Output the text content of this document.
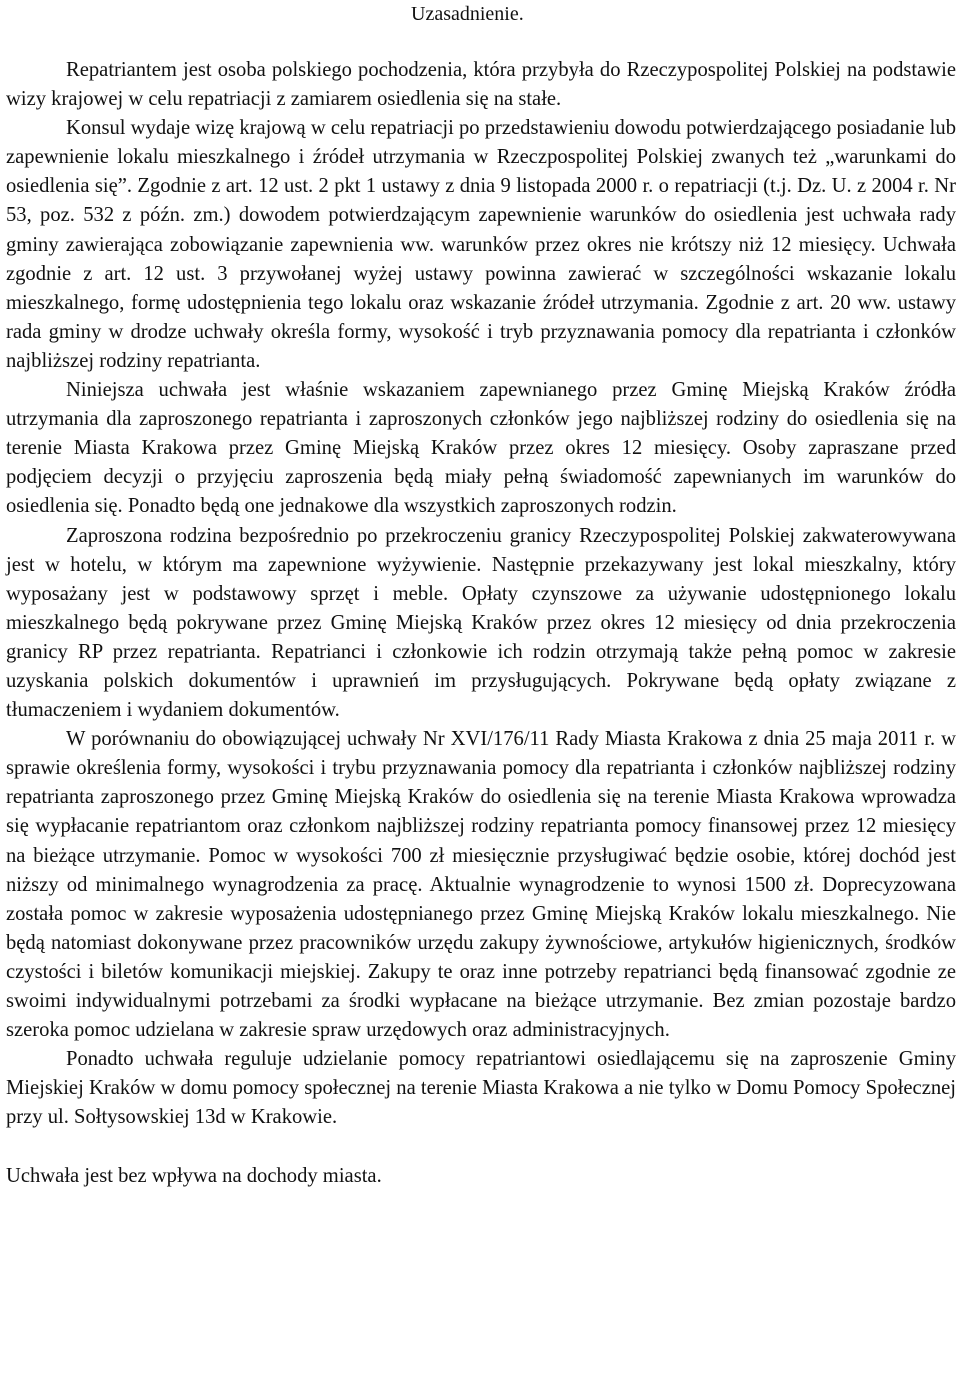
Uzasadnienie.

Repatriantem jest osoba polskiego pochodzenia, która przybyła do Rzeczypospolitej Polskiej na podstawie wizy krajowej w celu repatriacji z zamiarem osiedlenia się na stałe.

Konsul wydaje wizę krajową w celu repatriacji po przedstawieniu dowodu potwierdzającego posiadanie lub zapewnienie lokalu mieszkalnego i źródeł utrzymania w Rzeczpospolitej Polskiej zwanych też „warunkami do osiedlenia się”. Zgodnie z art. 12 ust. 2 pkt 1 ustawy z dnia 9 listopada 2000 r. o repatriacji (t.j. Dz. U. z 2004 r. Nr 53, poz. 532 z późn. zm.) dowodem potwierdzającym zapewnienie warunków do osiedlenia jest uchwała rady gminy zawierająca zobowiązanie zapewnienia ww. warunków przez okres nie krótszy niż 12 miesięcy. Uchwała zgodnie z art. 12 ust. 3 przywołanej wyżej ustawy powinna zawierać w szczególności wskazanie lokalu mieszkalnego, formę udostępnienia tego lokalu oraz wskazanie źródeł utrzymania. Zgodnie z art. 20 ww. ustawy rada gminy w drodze uchwały określa formy, wysokość i tryb przyznawania pomocy dla repatrianta i członków najbliższej rodziny repatrianta.

Niniejsza uchwała jest właśnie wskazaniem zapewnianego przez Gminę Miejską Kraków źródła utrzymania dla zaproszonego repatrianta i zaproszonych członków jego najbliższej rodziny do osiedlenia się na terenie Miasta Krakowa przez Gminę Miejską Kraków przez okres 12 miesięcy. Osoby zapraszane przed podjęciem decyzji o przyjęciu zaproszenia będą miały pełną świadomość zapewnianych im warunków do osiedlenia się. Ponadto będą one jednakowe dla wszystkich zaproszonych rodzin.

Zaproszona rodzina bezpośrednio po przekroczeniu granicy Rzeczypospolitej Polskiej zakwaterowywana jest w hotelu, w którym ma zapewnione wyżywienie. Następnie przekazywany jest lokal mieszkalny, który wyposażany jest w podstawowy sprzęt i meble. Opłaty czynszowe za używanie udostępnionego lokalu mieszkalnego będą pokrywane przez Gminę Miejską Kraków przez okres 12 miesięcy od dnia przekroczenia granicy RP przez repatrianta. Repatrianci i członkowie ich rodzin otrzymają także pełną pomoc w zakresie uzyskania polskich dokumentów i uprawnień im przysługujących. Pokrywane będą opłaty związane z tłumaczeniem i wydaniem dokumentów.

W porównaniu do obowiązującej uchwały Nr XVI/176/11 Rady Miasta Krakowa z dnia 25 maja 2011 r. w sprawie określenia formy, wysokości i trybu przyznawania pomocy dla repatrianta i członków najbliższej rodziny repatrianta zaproszonego przez Gminę Miejską Kraków do osiedlenia się na terenie Miasta Krakowa wprowadza się wypłacanie repatriantom oraz członkom najbliższej rodziny repatrianta pomocy finansowej przez 12 miesięcy na bieżące utrzymanie. Pomoc w wysokości 700 zł miesięcznie przysługiwać będzie osobie, której dochód jest niższy od minimalnego wynagrodzenia za pracę. Aktualnie wynagrodzenie to wynosi 1500 zł. Doprecyzowana została pomoc w zakresie wyposażenia udostępnianego przez Gminę Miejską Kraków lokalu mieszkalnego. Nie będą natomiast dokonywane przez pracowników urzędu zakupy żywnościowe, artykułów higienicznych, środków czystości i biletów komunikacji miejskiej. Zakupy te oraz inne potrzeby repatrianci będą finansować zgodnie ze swoimi indywidualnymi potrzebami za środki wypłacane na bieżące utrzymanie. Bez zmian pozostaje bardzo szeroka pomoc udzielana w zakresie spraw urzędowych oraz administracyjnych.

Ponadto uchwała reguluje udzielanie pomocy repatriantowi osiedlającemu się na zaproszenie Gminy Miejskiej Kraków w domu pomocy społecznej na terenie Miasta Krakowa a nie tylko w Domu Pomocy Społecznej przy ul. Sołtysowskiej 13d w Krakowie.

Uchwała jest bez wpływa na dochody miasta.
